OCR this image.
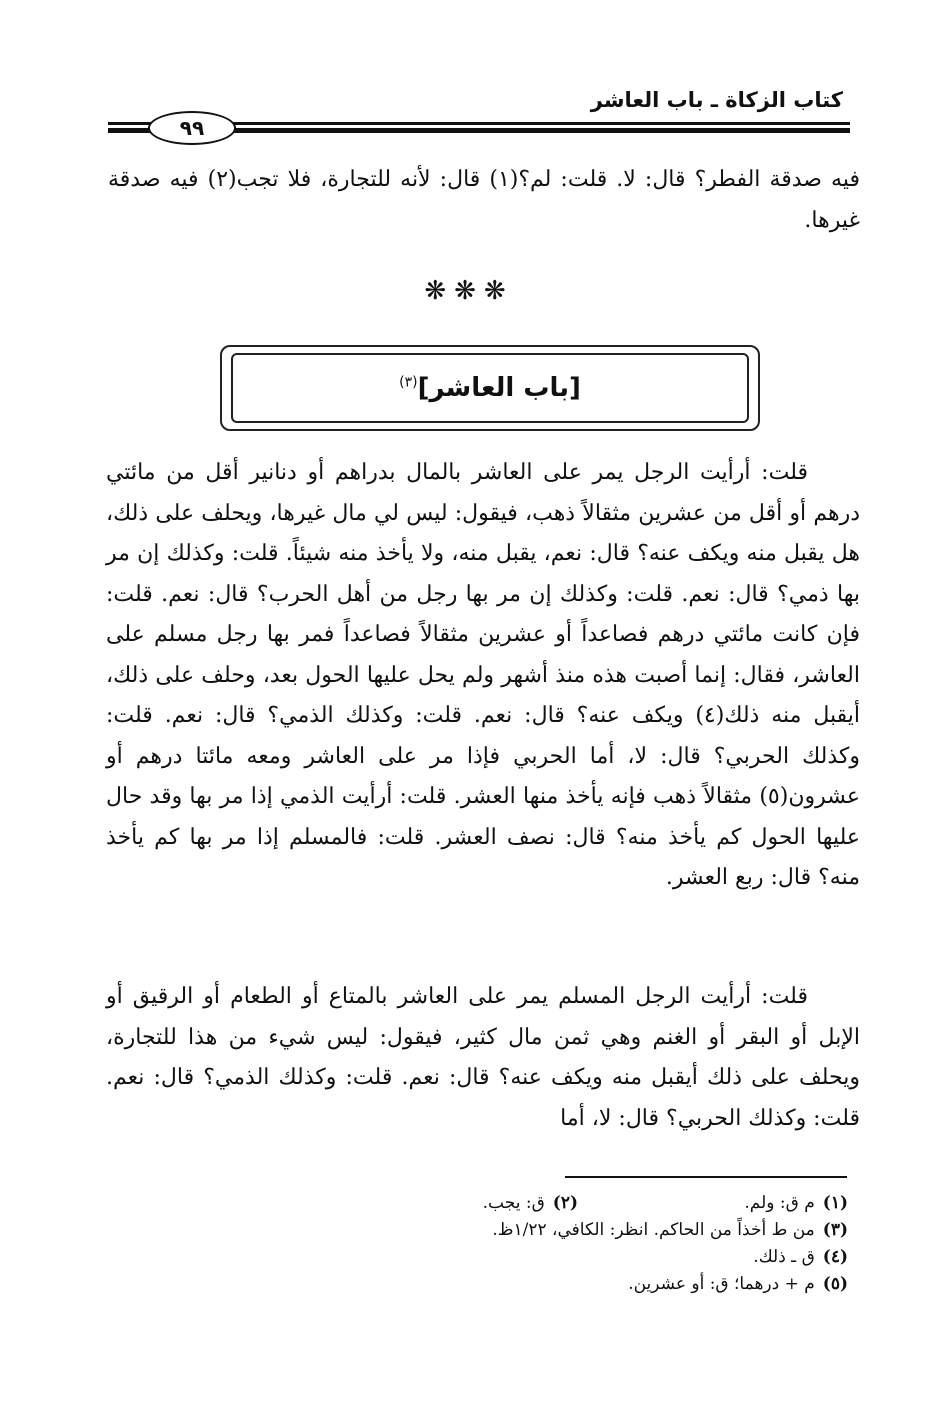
كتاب الزكاة ـ باب العاشر
٩٩

فيه صدقة الفطر؟ قال: لا. قلت: لم؟(١) قال: لأنه للتجارة، فلا تجب(٢) فيه صدقة غيرها.

❋❋❋
[باب العاشر]$^{(٣)}$

قلت: أرأيت الرجل يمر على العاشر بالمال بدراهم أو دنانير أقل من مائتي درهم أو أقل من عشرين مثقالاً ذهب، فيقول: ليس لي مال غيرها، ويحلف على ذلك، هل يقبل منه ويكف عنه؟ قال: نعم، يقبل منه، ولا يأخذ منه شيئاً. قلت: وكذلك إن مر بها ذمي؟ قال: نعم. قلت: وكذلك إن مر بها رجل من أهل الحرب؟ قال: نعم. قلت: فإن كانت مائتي درهم فصاعداً أو عشرين مثقالاً فصاعداً فمر بها رجل مسلم على العاشر، فقال: إنما أصبت هذه منذ أشهر ولم يحل عليها الحول بعد، وحلف على ذلك، أيقبل منه ذلك(٤) ويكف عنه؟ قال: نعم. قلت: وكذلك الذمي؟ قال: نعم. قلت: وكذلك الحربي؟ قال: لا، أما الحربي فإذا مر على العاشر ومعه مائتا درهم أو عشرون(٥) مثقالاً ذهب فإنه يأخذ منها العشر. قلت: أرأيت الذمي إذا مر بها وقد حال عليها الحول كم يأخذ منه؟ قال: نصف العشر. قلت: فالمسلم إذا مر بها كم يأخذ منه؟ قال: ربع العشر.

قلت: أرأيت الرجل المسلم يمر على العاشر بالمتاع أو الطعام أو الرقيق أو الإبل أو البقر أو الغنم وهي ثمن مال كثير، فيقول: ليس شيء من هذا للتجارة، ويحلف على ذلك أيقبل منه ويكف عنه؟ قال: نعم. قلت: وكذلك الذمي؟ قال: نعم. قلت: وكذلك الحربي؟ قال: لا، أما

(١)م ق: ولم.(٢)ق: يجب.
(٣)من ط أخذاً من الحاكم. انظر: الكافي، ١/٢٢ظ.
(٤)ق ـ ذلك.
(٥)م + درهما؛ ق: أو عشرين.
